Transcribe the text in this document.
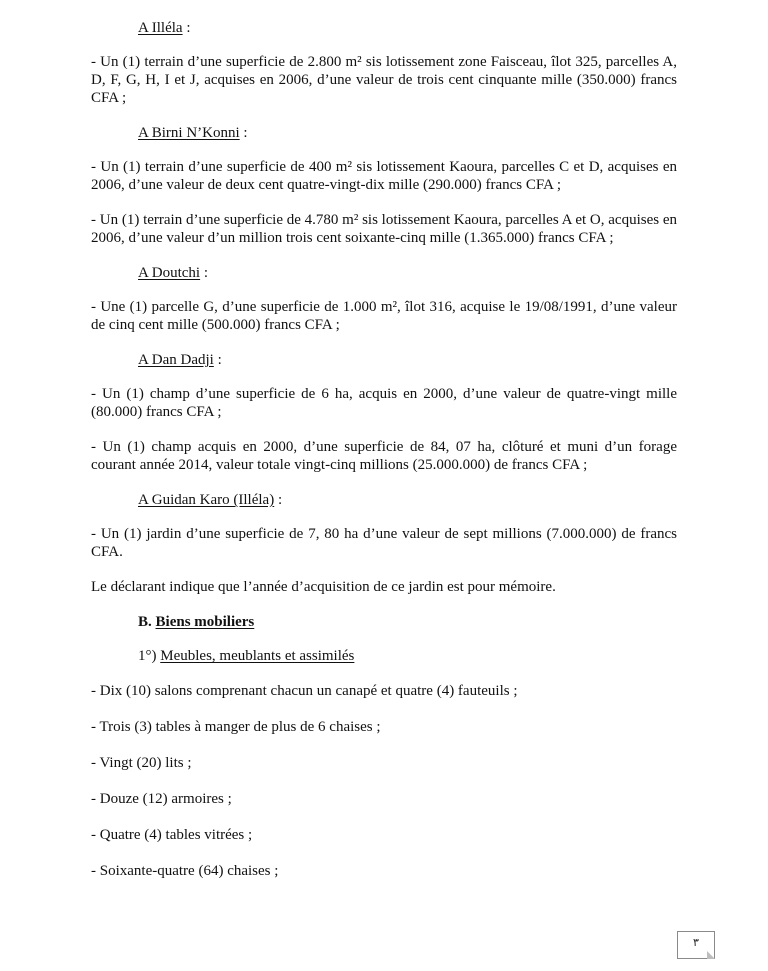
A Illéla :

- Un (1) terrain d’une superficie de 2.800 m² sis lotissement zone Faisceau, îlot 325, parcelles A, D, F, G, H, I et J, acquises en 2006, d’une valeur de trois cent cinquante mille (350.000) francs CFA ;

A Birni N’Konni :

- Un (1) terrain d’une superficie de 400 m² sis lotissement Kaoura, parcelles C et D, acquises en 2006, d’une valeur de deux cent quatre-vingt-dix mille (290.000) francs CFA ;

- Un (1) terrain d’une superficie de 4.780 m² sis lotissement Kaoura, parcelles A et O, acquises en 2006, d’une valeur d’un million trois cent soixante-cinq mille (1.365.000) francs CFA ;

A Doutchi :

- Une (1) parcelle G, d’une superficie de 1.000 m², îlot 316, acquise le 19/08/1991, d’une valeur de cinq cent mille (500.000) francs CFA ;

A Dan Dadji :

- Un (1) champ d’une superficie de 6 ha, acquis en 2000, d’une valeur de quatre-vingt mille (80.000) francs CFA ;

- Un (1) champ acquis en 2000, d’une superficie de 84, 07 ha, clôturé et muni d’un forage courant année 2014, valeur totale vingt-cinq millions (25.000.000) de francs CFA ;

A Guidan Karo (Illéla) :

- Un (1) jardin d’une superficie de 7, 80 ha d’une valeur de sept millions (7.000.000) de francs CFA.

Le déclarant indique que l’année d’acquisition de ce jardin est pour mémoire.

B. Biens mobiliers
1°) Meubles, meublants et assimilés

- Dix (10) salons comprenant chacun un canapé et quatre (4) fauteuils ;

- Trois (3) tables à manger de plus de 6 chaises ;

- Vingt (20) lits ;

- Douze (12) armoires ;

- Quatre (4) tables vitrées ;

- Soixante-quatre (64) chaises ;

٣
